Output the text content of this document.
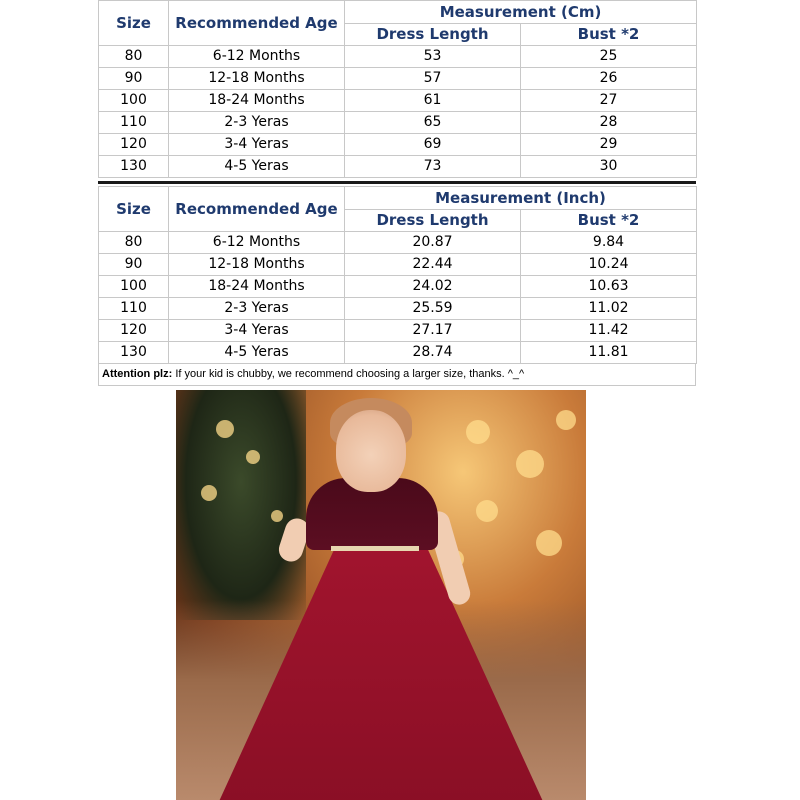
Size	Recommended Age	Measurement (Cm)	
		Dress Length	Bust *2
80	6-12 Months	53	25
90	12-18 Months	57	26
100	18-24 Months	61	27
110	2-3 Yeras	65	28
120	3-4 Yeras	69	29
130	4-5 Yeras	73	30
Size	Recommended Age	Measurement (Inch)	
		Dress Length	Bust *2
80	6-12 Months	20.87	9.84
90	12-18 Months	22.44	10.24
100	18-24 Months	24.02	10.63
110	2-3 Yeras	25.59	11.02
120	3-4 Yeras	27.17	11.42
130	4-5 Yeras	28.74	11.81
Attention plz: If your kid is chubby, we recommend choosing a larger size, thanks. ^_^
